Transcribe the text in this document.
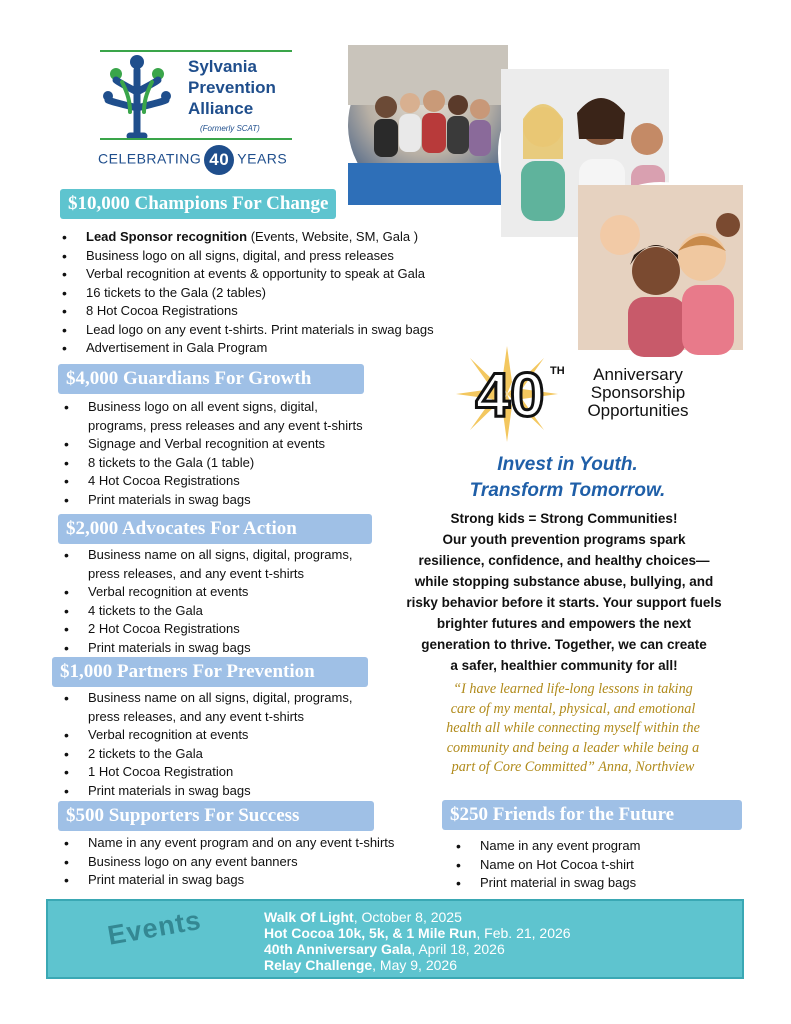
Sylvania
Prevention
Alliance
(Formerly SCAT)
CELEBRATING 40 YEARS
$10,000 Champions For Change
• Lead Sponsor recognition (Events, Website, SM, Gala )
• Business logo on all signs, digital, and press releases
• Verbal recognition at events & opportunity to speak at Gala
• 16 tickets to the Gala (2 tables)
• 8 Hot Cocoa Registrations
• Lead logo on any event t-shirts. Print materials in swag bags
• Advertisement in Gala Program
$4,000 Guardians For Growth
• Business logo on all event signs, digital,
programs, press releases and any event t-shirts
• Signage and Verbal recognition at events
• 8 tickets to the Gala (1 table)
• 4 Hot Cocoa Registrations
• Print materials in swag bags
$2,000 Advocates For Action
• Business name on all signs, digital, programs,
press releases, and any event t-shirts
• Verbal recognition at events
• 4 tickets to the Gala
• 2 Hot Cocoa Registrations
• Print materials in swag bags
$1,000 Partners For Prevention
• Business name on all signs, digital, programs,
press releases, and any event t-shirts
• Verbal recognition at events
• 2 tickets to the Gala
• 1 Hot Cocoa Registration
• Print materials in swag bags
$500 Supporters For Success
• Name in any event program and on any event t-shirts
• Business logo on any event banners
• Print material in swag bags
$250 Friends for the Future
• Name in any event program
• Name on Hot Cocoa t-shirt
• Print material in swag bags
40 TH	Anniversary
Sponsorship
Opportunities
Invest in Youth.
Transform Tomorrow.
Strong kids = Strong Communities!
Our youth prevention programs spark
resilience, confidence, and healthy choices—
while stopping substance abuse, bullying, and
risky behavior before it starts. Your support fuels
brighter futures and empowers the next
generation to thrive. Together, we can create
a safer, healthier community for all!
“I have learned life-long lessons in taking
care of my mental, physical, and emotional
health all while connecting myself within the
community and being a leader while being a
part of Core Committed” Anna, Northview
Events	Walk Of Light, October 8, 2025
Hot Cocoa 10k, 5k, & 1 Mile Run, Feb. 21, 2026
40th Anniversary Gala, April 18, 2026
Relay Challenge, May 9, 2026
